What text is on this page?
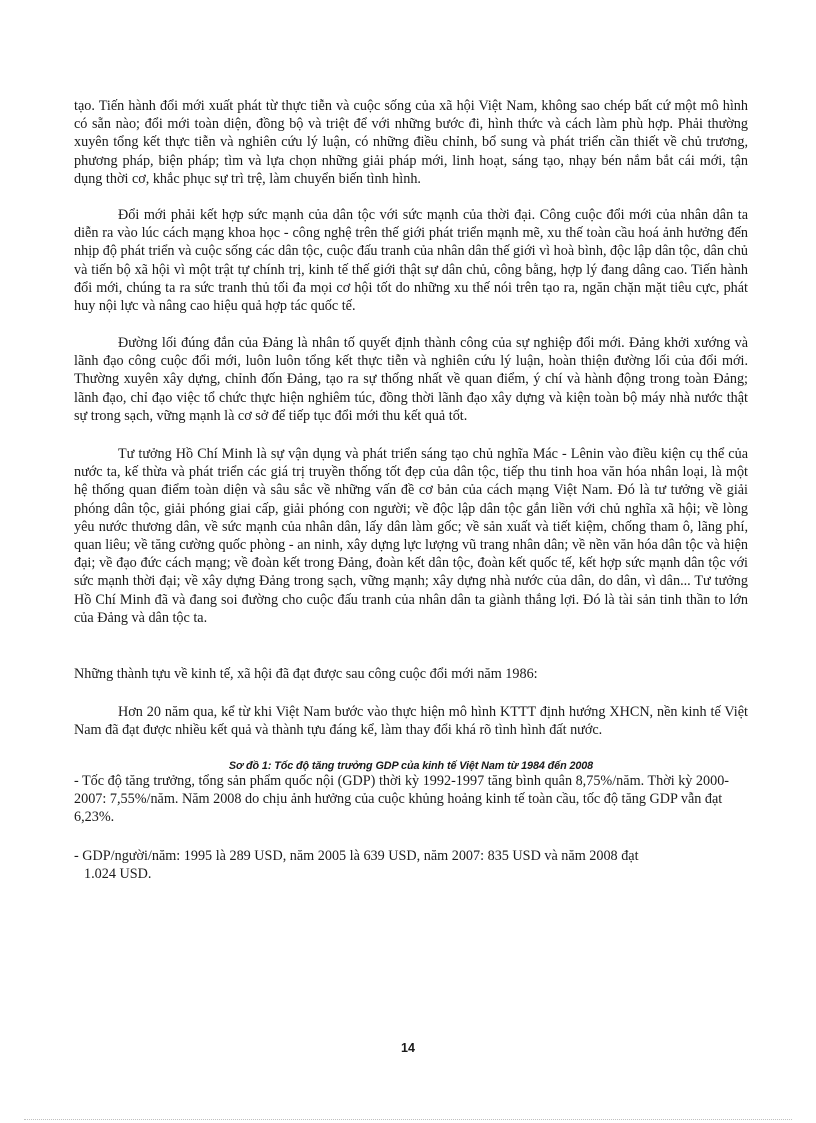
tạo. Tiến hành đổi mới xuất phát từ thực tiễn và cuộc sống của xã hội Việt Nam, không sao chép bất cứ một mô hình có sẵn nào; đổi mới toàn diện, đồng bộ và triệt để với những bước đi, hình thức và cách làm phù hợp. Phải thường xuyên tổng kết thực tiễn và nghiên cứu lý luận, có những điều chỉnh, bổ sung và phát triển cần thiết về chủ trương, phương pháp, biện pháp; tìm và lựa chọn những giải pháp mới, linh hoạt, sáng tạo, nhạy bén nắm bắt cái mới, tận dụng thời cơ, khắc phục sự trì trệ, làm chuyển biến tình hình.

Đổi mới phải kết hợp sức mạnh của dân tộc với sức mạnh của thời đại. Công cuộc đổi mới của nhân dân ta diễn ra vào lúc cách mạng khoa học - công nghệ trên thế giới phát triển mạnh mẽ, xu thế toàn cầu hoá ảnh hưởng đến nhịp độ phát triển và cuộc sống các dân tộc, cuộc đấu tranh của nhân dân thế giới vì hoà bình, độc lập dân tộc, dân chủ và tiến bộ xã hội vì một trật tự chính trị, kinh tế thế giới thật sự dân chủ, công bằng, hợp lý đang dâng cao. Tiến hành đổi mới, chúng ta ra sức tranh thủ tối đa mọi cơ hội tốt do những xu thế nói trên tạo ra, ngăn chặn mặt tiêu cực, phát huy nội lực và nâng cao hiệu quả hợp tác quốc tế.

Đường lối đúng đắn của Đảng là nhân tố quyết định thành công của sự nghiệp đổi mới. Đảng khởi xướng và lãnh đạo công cuộc đổi mới, luôn luôn tổng kết thực tiễn và nghiên cứu lý luận, hoàn thiện đường lối của đổi mới. Thường xuyên xây dựng, chỉnh đốn Đảng, tạo ra sự thống nhất về quan điểm, ý chí và hành động trong toàn Đảng; lãnh đạo, chỉ đạo việc tổ chức thực hiện nghiêm túc, đồng thời lãnh đạo xây dựng và kiện toàn bộ máy nhà nước thật sự trong sạch, vững mạnh là cơ sở để tiếp tục đổi mới thu kết quả tốt.

Tư tưởng Hồ Chí Minh là sự vận dụng và phát triển sáng tạo chủ nghĩa Mác - Lênin vào điều kiện cụ thể của nước ta, kế thừa và phát triển các giá trị truyền thống tốt đẹp của dân tộc, tiếp thu tinh hoa văn hóa nhân loại, là một hệ thống quan điểm toàn diện và sâu sắc về những vấn đề cơ bản của cách mạng Việt Nam. Đó là tư tưởng về giải phóng dân tộc, giải phóng giai cấp, giải phóng con người; về độc lập dân tộc gắn liền với chủ nghĩa xã hội; về lòng yêu nước thương dân, về sức mạnh của nhân dân, lấy dân làm gốc; về sản xuất và tiết kiệm, chống tham ô, lãng phí, quan liêu; về tăng cường quốc phòng - an ninh, xây dựng lực lượng vũ trang nhân dân; về nền văn hóa dân tộc và hiện đại; về đạo đức cách mạng; về đoàn kết trong Đảng, đoàn kết dân tộc, đoàn kết quốc tế, kết hợp sức mạnh dân tộc với sức mạnh thời đại; về xây dựng Đảng trong sạch, vững mạnh; xây dựng nhà nước của dân, do dân, vì dân... Tư tưởng Hồ Chí Minh đã và đang soi đường cho cuộc đấu tranh của nhân dân ta giành thắng lợi. Đó là tài sản tinh thần to lớn của Đảng và dân tộc ta.

Những thành tựu về kinh tế, xã hội đã đạt được sau công cuộc đổi mới năm 1986:

Hơn 20 năm qua, kể từ khi Việt Nam bước vào thực hiện mô hình KTTT định hướng XHCN, nền kinh tế Việt Nam đã đạt được nhiều kết quả và thành tựu đáng kể, làm thay đổi khá rõ tình hình đất nước.

Sơ đồ 1: Tốc độ tăng trưởng GDP của kinh tế Việt Nam từ 1984 đến 2008

- Tốc độ tăng trưởng, tổng sản phẩm quốc nội (GDP) thời kỳ 1992-1997 tăng bình quân 8,75%/năm. Thời kỳ 2000-2007: 7,55%/năm. Năm 2008 do chịu ảnh hưởng của cuộc khủng hoảng kinh tế toàn cầu, tốc độ tăng GDP vẫn đạt 6,23%.

- GDP/người/năm: 1995 là 289 USD, năm 2005 là 639 USD, năm 2007: 835 USD và năm 2008 đạt
1.024 USD.

14
